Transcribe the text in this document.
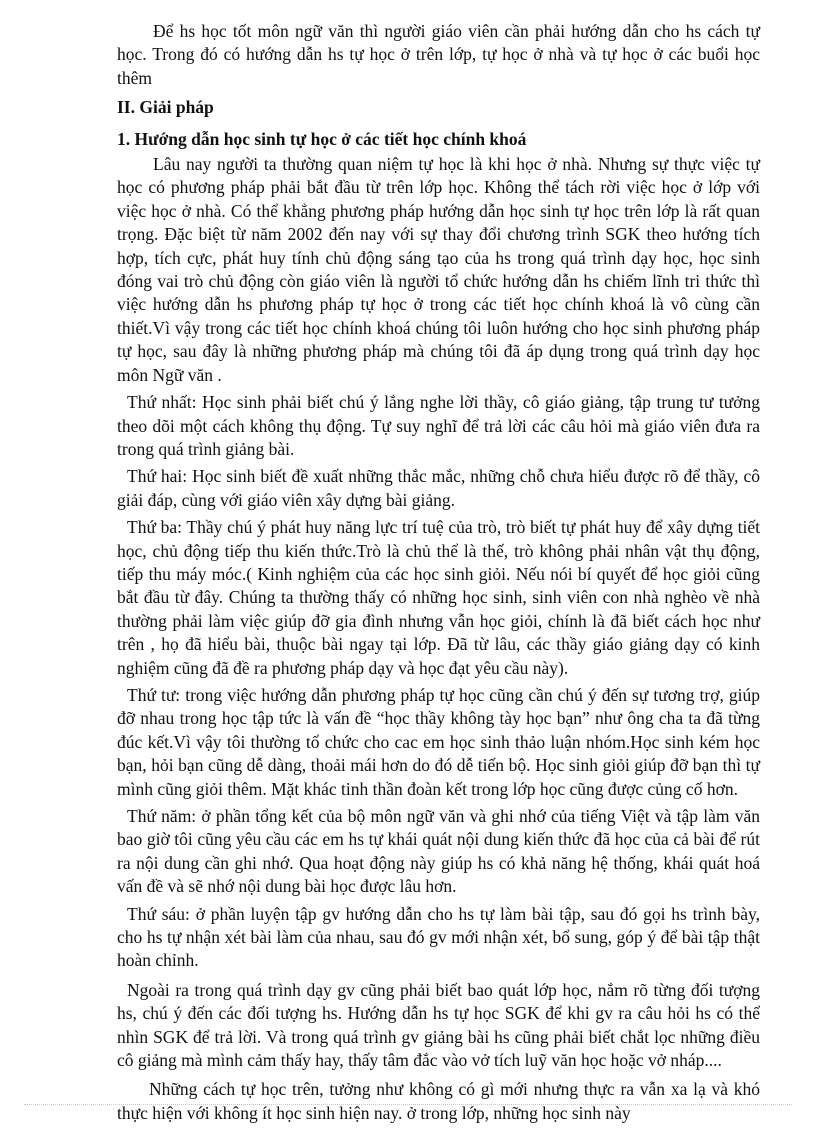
Để hs học tốt môn ngữ văn thì người giáo viên cần phải hướng dẫn cho hs cách tự học. Trong đó có hướng dẫn hs tự học ở trên lớp, tự học ở nhà và tự học ở các buổi học thêm

II. Giải pháp
1. Hướng dẫn học sinh tự học ở các tiết học chính khoá

Lâu nay người ta thường quan niệm tự học là khi học ở nhà. Nhưng sự thực việc tự học có phương pháp phải bắt đầu từ trên lớp học. Không thể tách rời việc học ở lớp với việc học ở nhà. Có thể khẳng phương pháp hướng dẫn học sinh tự học trên lớp là rất quan trọng. Đặc biệt từ năm 2002 đến nay với sự thay đổi chương trình SGK theo hướng tích hợp, tích cực, phát huy tính chủ động sáng tạo của hs trong quá trình dạy học, học sinh đóng vai trò chủ động còn giáo viên là người tổ chức hướng dẫn hs chiếm lĩnh tri thức thì việc hướng dẫn hs phương pháp tự học ở trong các tiết học chính khoá là vô cùng cần thiết.Vì vậy trong các tiết học chính khoá chúng tôi luôn hướng cho học sinh phương pháp tự học, sau đây là những phương pháp mà chúng tôi đã áp dụng trong quá trình dạy học môn Ngữ văn .

Thứ nhất: Học sinh phải biết chú ý lắng nghe lời thầy, cô giáo giảng, tập trung tư tưởng theo dõi một cách không thụ động. Tự suy nghĩ để trả lời các câu hỏi mà giáo viên đưa ra trong quá trình giảng bài.

Thứ hai: Học sinh biết đề xuất những thắc mắc, những chỗ chưa hiểu được rõ để thầy, cô giải đáp, cùng với giáo viên xây dựng bài giảng.

Thứ ba: Thầy chú ý phát huy năng lực trí tuệ của trò, trò biết tự phát huy để xây dựng tiết học, chủ động tiếp thu kiến thức.Trò là chủ thể là thế, trò không phải nhân vật thụ động, tiếp thu máy móc.( Kinh nghiệm của các học sinh giỏi. Nếu nói bí quyết để học giỏi cũng bắt đầu từ đây. Chúng ta thường thấy có những học sinh, sinh viên con nhà nghèo về nhà thường phải làm việc giúp đỡ gia đình nhưng vẫn học giỏi, chính là đã biết cách học như trên , họ đã hiểu bài, thuộc bài ngay tại lớp. Đã từ lâu, các thầy giáo giảng dạy có kinh nghiệm cũng đã đề ra phương pháp dạy và học đạt yêu cầu này).

Thứ tư: trong việc hướng dẫn phương pháp tự học cũng cần chú ý đến sự tương trợ, giúp đỡ nhau trong học tập tức là vấn đề “học thầy không tày học bạn” như ông cha ta đã từng đúc kết.Vì vậy tôi thường tổ chức cho cac em học sinh thảo luận nhóm.Học sinh kém học bạn, hỏi bạn cũng dễ dàng, thoải mái hơn do đó dễ tiến bộ. Học sinh giỏi giúp đỡ bạn thì tự mình cũng giỏi thêm. Mặt khác tinh thần đoàn kết trong lớp học cũng được củng cố hơn.

Thứ năm: ở phần tổng kết của bộ môn ngữ văn và ghi nhớ của tiếng Việt và tập làm văn bao giờ tôi cũng yêu cầu các em hs tự khái quát nội dung kiến thức đã học của cả bài để rút ra nội dung cần ghi nhớ. Qua hoạt động này giúp hs có khả năng hệ thống, khái quát hoá vấn đề và sẽ nhớ nội dung bài học được lâu hơn.

Thứ sáu: ở phần luyện tập gv hướng dẫn cho hs tự làm bài tập, sau đó gọi hs trình bày, cho hs tự nhận xét bài làm của nhau, sau đó gv mới nhận xét, bổ sung, góp ý để bài tập thật hoàn chỉnh.

Ngoài ra trong quá trình dạy gv cũng phải biết bao quát lớp học, nắm rõ từng đối tượng hs, chú ý đến các đối tượng hs. Hướng dẫn hs tự học SGK để khi gv ra câu hỏi hs có thể nhìn SGK để trả lời. Và trong quá trình gv giảng bài hs cũng phải biết chắt lọc những điều cô giảng mà mình cảm thấy hay, thấy tâm đắc vào vở tích luỹ văn học hoặc vở nháp....

Những cách tự học trên, tưởng như không có gì mới nhưng thực ra vẫn xa lạ và khó thực hiện với không ít học sinh hiện nay. ở trong lớp, những học sinh này
